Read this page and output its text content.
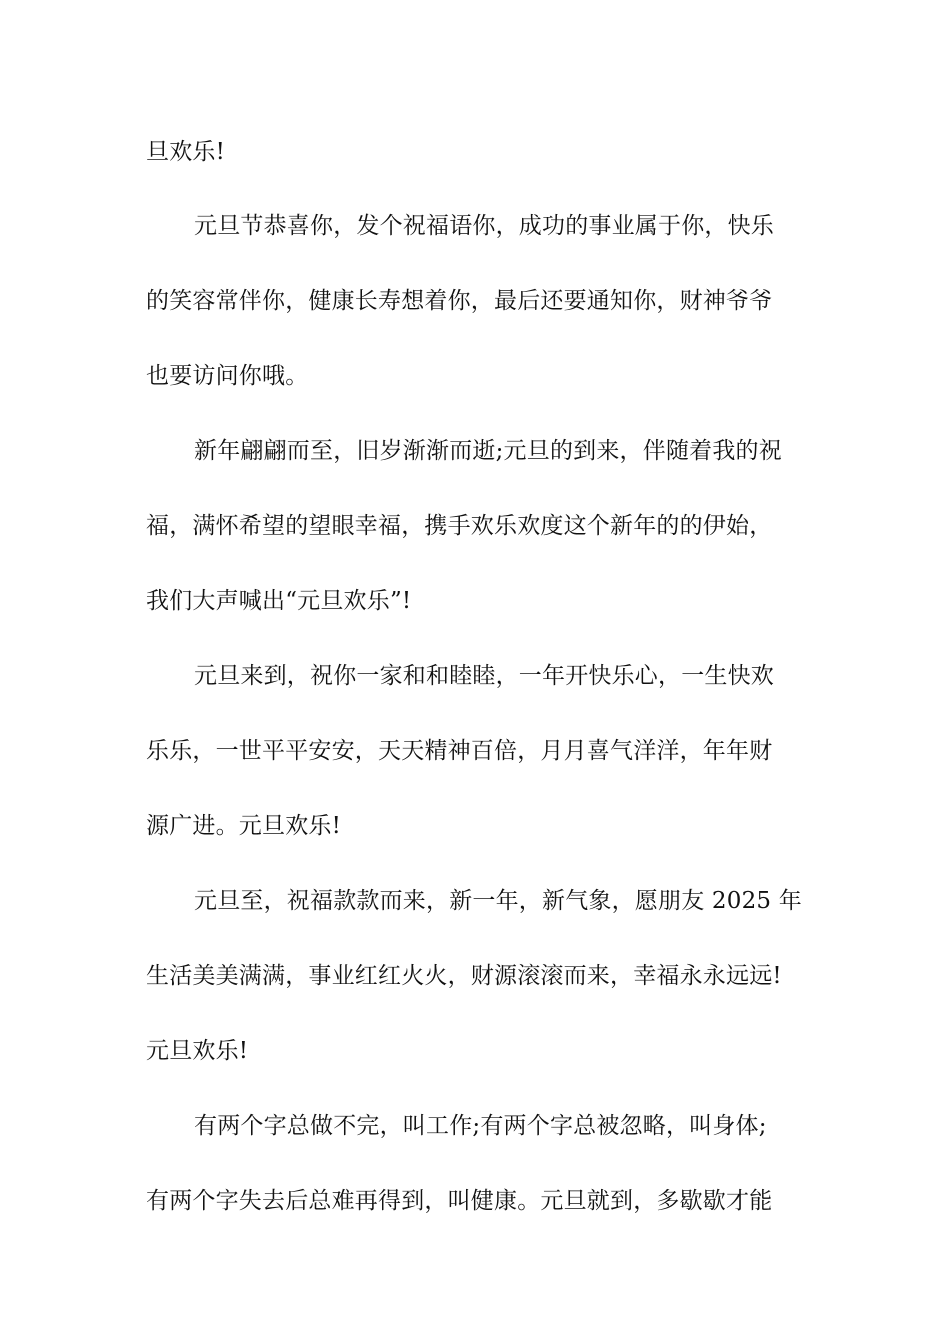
旦欢乐!
元旦节恭喜你，发个祝福语你，成功的事业属于你，快乐
的笑容常伴你，健康长寿想着你，最后还要通知你，财神爷爷
也要访问你哦。
新年翩翩而至，旧岁渐渐而逝;元旦的到来，伴随着我的祝
福，满怀希望的望眼幸福，携手欢乐欢度这个新年的的伊始，
我们大声喊出“元旦欢乐”!
元旦来到，祝你一家和和睦睦，一年开快乐心，一生快欢
乐乐，一世平平安安，天天精神百倍，月月喜气洋洋，年年财
源广进。元旦欢乐!
元旦至，祝福款款而来，新一年，新气象，愿朋友 2025 年
生活美美满满，事业红红火火，财源滚滚而来，幸福永永远远!
元旦欢乐!
有两个字总做不完，叫工作;有两个字总被忽略，叫身体;
有两个字失去后总难再得到，叫健康。元旦就到，多歇歇才能
